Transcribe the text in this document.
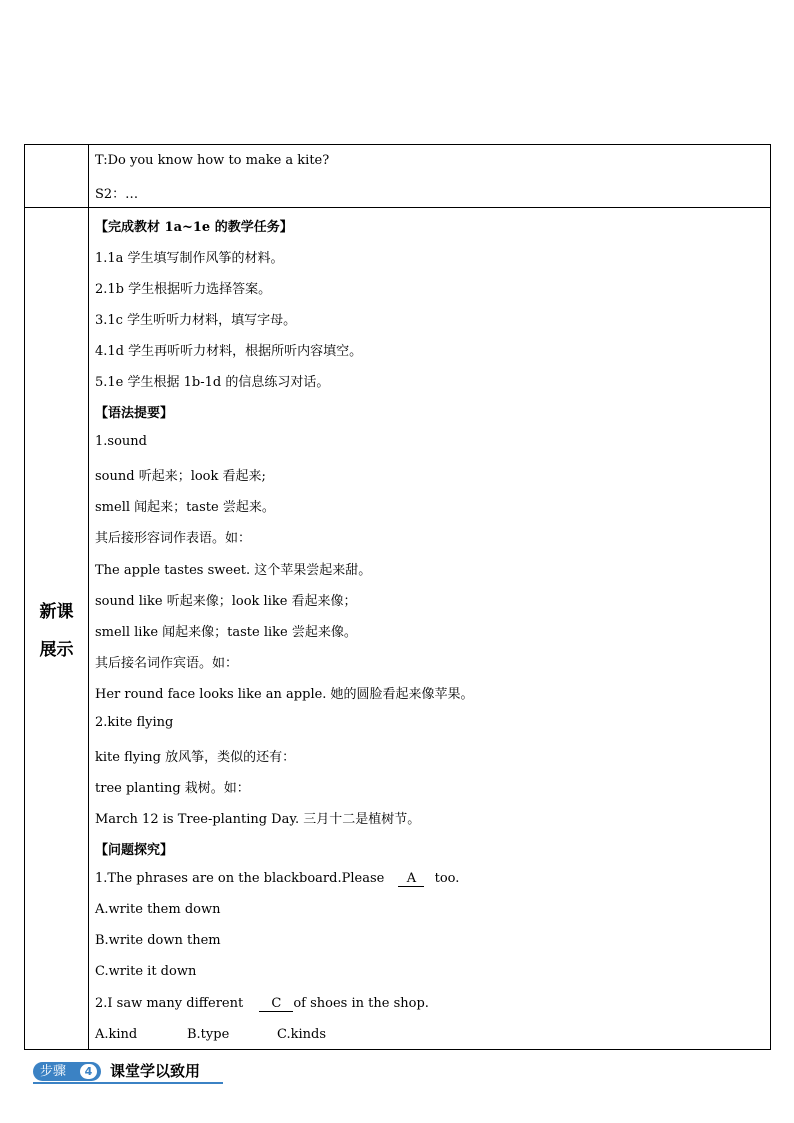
T:Do you know how to make a kite?
S2：…
新课
展示
【完成教材 1a~1e 的教学任务】
1.1a 学生填写制作风筝的材料。
2.1b 学生根据听力选择答案。
3.1c 学生听听力材料，填写字母。
4.1d 学生再听听力材料，根据所听内容填空。
5.1e 学生根据 1b-1d 的信息练习对话。
【语法提要】
1.sound
sound 听起来；look 看起来;
smell 闻起来；taste 尝起来。
其后接形容词作表语。如：
The apple tastes sweet. 这个苹果尝起来甜。
sound like 听起来像；look like 看起来像；
smell like 闻起来像；taste like 尝起来像。
其后接名词作宾语。如：
Her round face looks like an apple. 她的圆脸看起来像苹果。
2.kite flying
kite flying 放风筝，类似的还有：
tree planting 栽树。如：
March 12 is Tree-planting Day. 三月十二是植树节。
【问题探究】
1.The phrases are on the blackboard.Please A too.
A.write them down
B.write down them
C.write it down
2.I saw many different C of shoes in the shop.
A.kind	B.type	C.kinds
步骤	4	课堂学以致用
